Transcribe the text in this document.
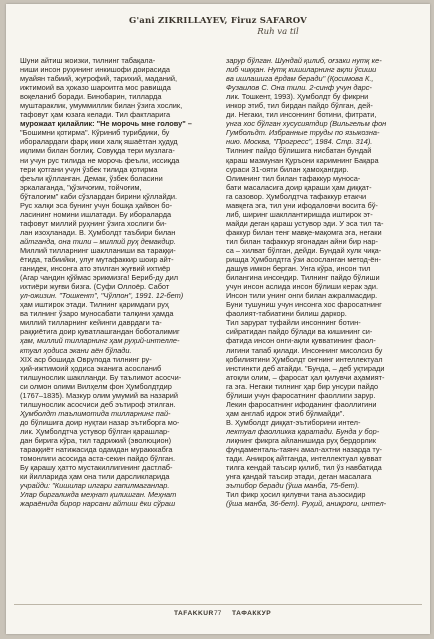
G'ani ZIKRILLAYEV, Firuz SAFAROV
Ruh va til
Шуни айтиш жоизки, тилнинг табақала-
ниши инсон руҳининг инкишофи доирасида
муайян табиий, жуғрофий, тарихий, маданий,
ижтимоий ва ҳоказо шароитга мос равишда
воқеланиб боради. Бинобарин, тилларда
муштараклик, умуммиллик билан ўзига хослик,
тафовут ҳам юзага келади. Тил фактларига
мурожаат қилайлик: "Не морочь мне голову" –
"Бошимни қотирма". Кўриниб турибдики, бу
иборалардаги фарқ икки халқ яшаётган ҳудуд
иқлими билан боғлиқ. Совуқда тери музлага-
ни учун рус тилида не морочь феъли, иссиқда
тери қотгани учун ўзбек тилида қотирма
феъли қўлланган. Демак, ўзбек боласини
эркалаганда, "қўзичоғим, тойчоғим,
бўталоғим" каби сўзлардан бирини қўллайди.
Рус халқи эса бунинг учун бошқа ҳайвон бо-
ласининг номини ишлатади. Бу ибораларда
тафовут миллий руҳнинг ўзига хослиги би-
лан изоҳланади. В. Ҳумболдт таъбири билан
айтганда, она тили – миллий руҳ демакдир.
Миллий тилларнинг шаклланиши ва тараққи-
ётида, табиийки, улуғ мутафаккир шоир айт-
ганидек, инсонга ато этилган жуғвий ихтиёр
(Агар чандин қўймас эрикмизга! Бериб-ду дил
ихтиёри жуғви бизга. (Суфи Оллоёр. Сабот
ул-ожизин. "Тошкент", "Чўлпон", 1991. 12-бет)
ҳам иштирок этади. Тилнинг қаримдаги руҳ
ва тилнинг ўзаро муносабати талқини ҳамда
миллий тилларнинг кейинги даврдаги та-
раққиётига доир қуватлашгандан боботалимиг
ҳам, миллий тилларнинг ҳам руҳий-интелле-
ктуал ҳодиса экани аён бўлади.
XIX аср бошида Оврупода тилнинг ру-
ҳий-ижтимоий ҳодиса эканига асосланиб
тилшунослик шаклланди. Бу таълимот асосчи-
си олмон олими Вилҳелм фон Ҳумболдтдир
(1767–1835). Мазкур олим умумий ва назарий
тилшунослик асосчиси деб эътироф этилган.
Ҳумболдт таълимотида тилларнинг пай-
до бўлишига доир нуқтаи назар эътиборга мо-
лик. Ҳумболдтча устувор бўлган қарашлар-
дан бирига кўра, тил тадрижий (эволюцион)
тараққиёт натижасида одамдан муракккабга
томонлиги асосида аста-секин пайдо бўлган.
Бу қарашу ҳатто мустакиллигининг дастлаб-
ки йилларида ҳам она тили дарсликларида
учрайди: "Кишилар илгари гапилмаганлар.
Улар биргаликда меҳнат қилишган. Меҳнат
жараёнида бирор нарсани айтиш ёки сўраш
зарур бўлган. Шундай қилиб, оғзаки нутқ ке-
либ чиққан. Нутқ кишиларнинг ақли ўсиши
ва ишлашига ёрдам беради" (Қосимова К.,
Фузаилов С. Она тили. 2-синф учун дарс-
лик. Тошкент, 1993). Ҳумболдт бу фикрни
инкор этиб, тил бирдан пайдо бўлган, дей-
ди. Негаки, тил инсоннинг ботини, фитрати,
унга хос бўлган хусусиятдир (Вильгельм фон
Гумбольдт. Избранные труды по языкозна-
нию. Москва, "Прогресс", 1984. Стр. 314).
Тилнинг пайдо бўлишига нисбатан бундай
қараш мазмунан Қуръони каримнинг Бақара
сураси 31-ояти билан ҳамоҳангдир.
Олимнинг тил билан тафаккур муноса-
бати масаласига доир қараши ҳам диққат-
га сазовор. Ҳумболдтча тафаккур етакчи
мавқега эга, тил уни ифодаловчи восита бў-
либ, ширинг шакллантиришда иштирок эт-
майди деган қараш устувор эди. У эса тил та-
факкур билан тенг мавқе-мақомга эга, негаки
тил билан тафаккур ягонадан айни бир нар-
са – хилват бўлган, дейди. Бундай хулк чиқа-
ришда Ҳумболдтга ўзи асосланган метод-ён-
дашув имкон берган. Унга кўра, инсон тил
билангина инсондир. Тилнинг пайдо бўлиши
учун инсон аслида инсон бўлиши керак эди.
Инсон тили унинг онги билан ажралмасдир.
Буни тушуниш учун инсонга хос фаросатнинг
фаолият-табиатини билиш даркор.
Тил зарурат туфайли инсоннинг ботин-
сийратидан пайдо бўлади ва кишининг си-
фатида инсон онги-ақли қувватининг фаол-
лигини тапаб қилади. Инсоннинг мисолсиз бу
қобилиятини Ҳумболдт онгнинг интеллектуал
инстинкти деб атайди. "Бунда, – деб уқтиради
атоқли олим, – фаросат ҳал қилувчи аҳамият-
га эга. Негаки тилнинг ҳар бир унсури пайдо
бўлиши учун фаросатнинг фаоллиги зарур.
Лекин фаросатнинг ифоданинг фаоллигини
ҳам англаб идрок этиб бўлмайди".
В. Ҳумболдт диққат-эътиборини интел-
лектуал фаолликка қаратади. Бунда у бор-
лиқнинг фикрга айланишида руҳ бердорлик
фундаменталь-таянч амал-ахтни назарда ту-
тади. Аникроқ айтганда, интеллектуал қувват
тилга кендай таъсир қилиб, тил ўз навбатида
унга қандай таъсир этади, деган масалага
эътибор беради (ўша манба, 75-бет).
Тил фикр ҳосил қилувчи тана аъзосидир
(ўша манба, 36-бет). Руҳий, аниқроғи, интел-
TAFAKKUR 77 ТАФАККУР
